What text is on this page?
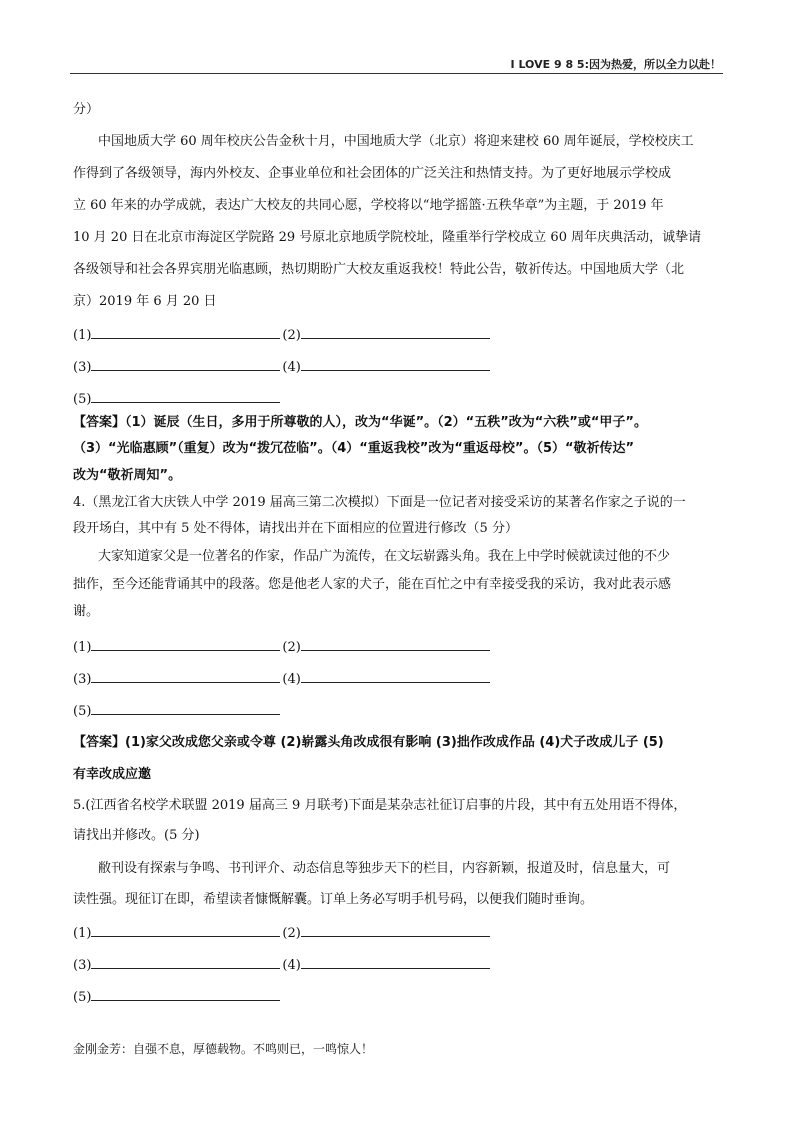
I LOVE 9 8 5:因为热爱，所以全力以赴！
分）
中国地质大学 60 周年校庆公告金秋十月，中国地质大学（北京）将迎来建校 60 周年诞辰，学校校庆工
作得到了各级领导，海内外校友、企事业单位和社会团体的广泛关注和热情支持。为了更好地展示学校成
立 60 年来的办学成就，表达广大校友的共同心愿，学校将以“地学摇篮·五秩华章”为主题，于 2019 年
10 月 20 日在北京市海淀区学院路 29 号原北京地质学院校址，隆重举行学校成立 60 周年庆典活动，诚挚请
各级领导和社会各界宾朋光临惠顾，热切期盼广大校友重返我校！特此公告，敬祈传达。中国地质大学（北
京）2019 年 6 月 20 日
(1)	(2)
(3)	(4)
(5)
【答案】（1）诞辰（生日，多用于所尊敬的人），改为“华诞”。（2）“五秩”改为“六秩”或“甲子”。
（3）“光临惠顾”（重复）改为“拨冗莅临”。（4）“重返我校”改为“重返母校”。（5）“敬祈传达”
改为“敬祈周知”。
4.（黑龙江省大庆铁人中学 2019 届高三第二次模拟）下面是一位记者对接受采访的某著名作家之子说的一
段开场白，其中有 5 处不得体，请找出并在下面相应的位置进行修改（5 分）
大家知道家父是一位著名的作家，作品广为流传，在文坛崭露头角。我在上中学时候就读过他的不少
拙作，至今还能背诵其中的段落。您是他老人家的犬子，能在百忙之中有幸接受我的采访，我对此表示感
谢。
(1)	(2)
(3)	(4)
(5)
【答案】(1)家父改成您父亲或令尊 (2)崭露头角改成很有影响 (3)拙作改成作品 (4)犬子改成儿子 (5)
有幸改成应邀
5.(江西省名校学术联盟 2019 届高三 9 月联考)下面是某杂志社征订启事的片段，其中有五处用语不得体，
请找出并修改。(5 分)
敝刊设有探索与争鸣、书刊评介、动态信息等独步天下的栏目，内容新颖，报道及时，信息量大，可
读性强。现征订在即，希望读者慷慨解囊。订单上务必写明手机号码，以便我们随时垂询。
(1)	(2)
(3)	(4)
(5)
金刚金芳：自强不息，厚德载物。不鸣则已，一鸣惊人！
